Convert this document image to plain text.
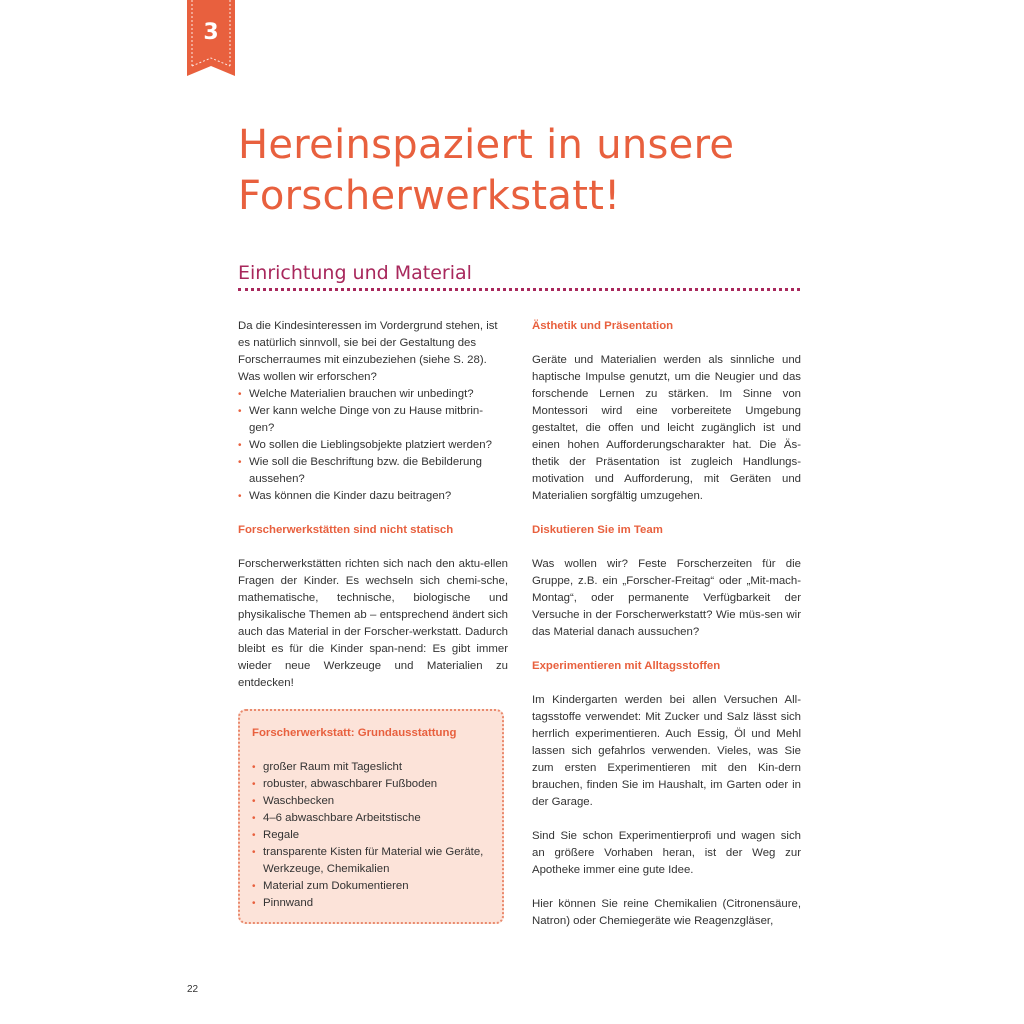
3
Hereinspaziert in unsere
Forscherwerkstatt!
Einrichtung und Material

Da die Kindesinteressen im Vordergrund stehen, ist es natürlich sinnvoll, sie bei der Gestaltung des Forscherraumes mit einzubeziehen (siehe S. 28). Was wollen wir erforschen?

• Welche Materialien brauchen wir unbedingt?
• Wer kann welche Dinge von zu Hause mitbrin-gen?
• Wo sollen die Lieblingsobjekte platziert werden?
• Wie soll die Beschriftung bzw. die Bebilderung aussehen?
• Was können die Kinder dazu beitragen?

Forscherwerkstätten sind nicht statisch

Forscherwerkstätten richten sich nach den aktu-ellen Fragen der Kinder. Es wechseln sich chemi-sche, mathematische, technische, biologische und physikalische Themen ab – entsprechend ändert sich auch das Material in der Forscher-werkstatt. Dadurch bleibt es für die Kinder span-nend: Es gibt immer wieder neue Werkzeuge und Materialien zu entdecken!

Forscherwerkstatt: Grundausstattung

• großer Raum mit Tageslicht
• robuster, abwaschbarer Fußboden
• Waschbecken
• 4–6 abwaschbare Arbeitstische
• Regale
• transparente Kisten für Material wie Geräte, Werkzeuge, Chemikalien
• Material zum Dokumentieren
• Pinnwand

Ästhetik und Präsentation

Geräte und Materialien werden als sinnliche und haptische Impulse genutzt, um die Neugier und das forschende Lernen zu stärken. Im Sinne von Montessori wird eine vorbereitete Umgebung gestaltet, die offen und leicht zugänglich ist und einen hohen Aufforderungscharakter hat. Die Äs-thetik der Präsentation ist zugleich Handlungs-motivation und Aufforderung, mit Geräten und Materialien sorgfältig umzugehen.

Diskutieren Sie im Team

Was wollen wir? Feste Forscherzeiten für die Gruppe, z.B. ein „Forscher-Freitag“ oder „Mit-mach-Montag“, oder permanente Verfügbarkeit der Versuche in der Forscherwerkstatt? Wie müs-sen wir das Material danach aussuchen?

Experimentieren mit Alltagsstoffen

Im Kindergarten werden bei allen Versuchen All-tagsstoffe verwendet: Mit Zucker und Salz lässt sich herrlich experimentieren. Auch Essig, Öl und Mehl lassen sich gefahrlos verwenden. Vieles, was Sie zum ersten Experimentieren mit den Kin-dern brauchen, finden Sie im Haushalt, im Garten oder in der Garage.

Sind Sie schon Experimentierprofi und wagen sich an größere Vorhaben heran, ist der Weg zur Apotheke immer eine gute Idee.

Hier können Sie reine Chemikalien (Citronensäure, Natron) oder Chemiegeräte wie Reagenzgläser,

22
